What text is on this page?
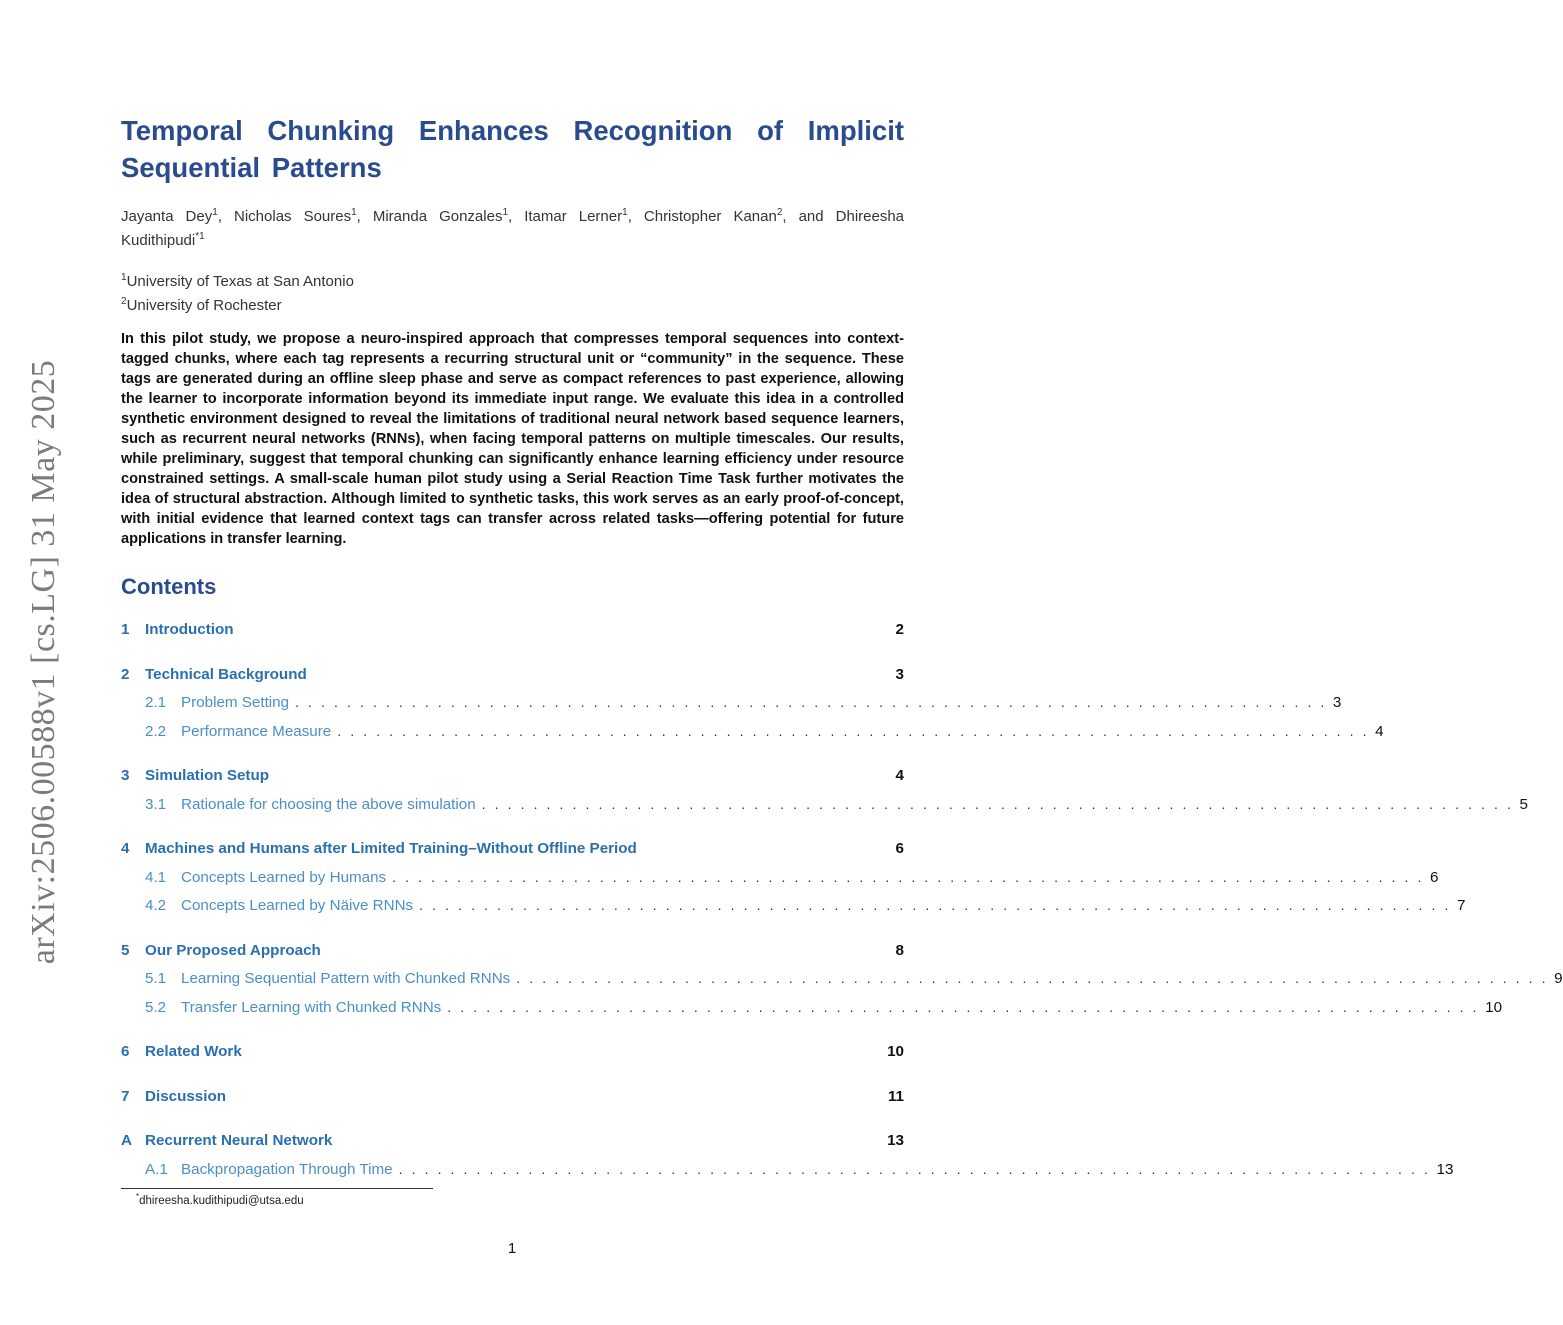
arXiv:2506.00588v1 [cs.LG] 31 May 2025
Temporal Chunking Enhances Recognition of Implicit Sequential Patterns
Jayanta Dey$^1$, Nicholas Soures$^1$, Miranda Gonzales$^1$, Itamar Lerner$^1$, Christopher Kanan$^2$, and Dhireesha Kudithipudi$^{*1}$
$^1$University of Texas at San Antonio
$^2$University of Rochester
In this pilot study, we propose a neuro-inspired approach that compresses temporal sequences into context-tagged chunks, where each tag represents a recurring structural unit or “community” in the sequence. These tags are generated during an offline sleep phase and serve as compact references to past experience, allowing the learner to incorporate information beyond its immediate input range. We evaluate this idea in a controlled synthetic environment designed to reveal the limitations of traditional neural network based sequence learners, such as recurrent neural networks (RNNs), when facing temporal patterns on multiple timescales. Our results, while preliminary, suggest that temporal chunking can significantly enhance learning efficiency under resource constrained settings. A small-scale human pilot study using a Serial Reaction Time Task further motivates the idea of structural abstraction. Although limited to synthetic tasks, this work serves as an early proof-of-concept, with initial evidence that learned context tags can transfer across related tasks—offering potential for future applications in transfer learning.
Contents
1	Introduction	2
2	Technical Background	3
2.1 Problem Setting . . . . . . . . . . . . . . . . . . . . . . . . . . . . . . . . . . . . . . . . . . . . . . . . . . . . . . . . . . . . . . . . . . . . . . . . . . . . . . . . 3
2.2 Performance Measure . . . . . . . . . . . . . . . . . . . . . . . . . . . . . . . . . . . . . . . . . . . . . . . . . . . . . . . . . . . . . . . . . . . . . . . . . . . . . . . . 4
3	Simulation Setup	4
3.1 Rationale for choosing the above simulation . . . . . . . . . . . . . . . . . . . . . . . . . . . . . . . . . . . . . . . . . . . . . . . . . . . . . . . . . . . . . . . . . . . . . . . . . . . . . . . . 5
4	Machines and Humans after Limited Training–Without Offline Period	6
4.1 Concepts Learned by Humans . . . . . . . . . . . . . . . . . . . . . . . . . . . . . . . . . . . . . . . . . . . . . . . . . . . . . . . . . . . . . . . . . . . . . . . . . . . . . . . . 6
4.2 Concepts Learned by Näive RNNs . . . . . . . . . . . . . . . . . . . . . . . . . . . . . . . . . . . . . . . . . . . . . . . . . . . . . . . . . . . . . . . . . . . . . . . . . . . . . . . . 7
5	Our Proposed Approach	8
5.1 Learning Sequential Pattern with Chunked RNNs . . . . . . . . . . . . . . . . . . . . . . . . . . . . . . . . . . . . . . . . . . . . . . . . . . . . . . . . . . . . . . . . . . . . . . . . . . . . . . . . 9
5.2 Transfer Learning with Chunked RNNs . . . . . . . . . . . . . . . . . . . . . . . . . . . . . . . . . . . . . . . . . . . . . . . . . . . . . . . . . . . . . . . . . . . . . . . . . . . . . . . . 10
6	Related Work	10
7	Discussion	11
A Recurrent Neural Network	13
A.1 Backpropagation Through Time . . . . . . . . . . . . . . . . . . . . . . . . . . . . . . . . . . . . . . . . . . . . . . . . . . . . . . . . . . . . . . . . . . . . . . . . . . . . . . . . 13
*dhireesha.kudithipudi@utsa.edu
1
